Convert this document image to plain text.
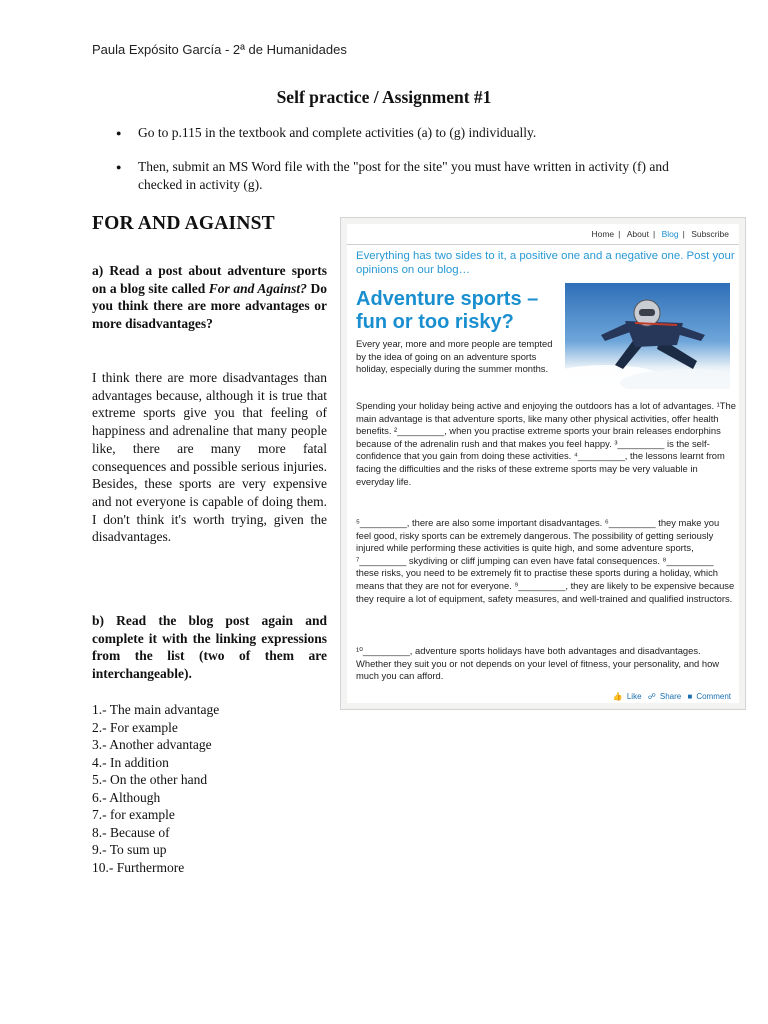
Paula Expósito García - 2ª de Humanidades
Self practice / Assignment #1
● Go to p.115 in the textbook and complete activities (a) to (g) individually.
● Then, submit an MS Word file with the "post for the site" you must have written in activity (f) and checked in activity (g).
FOR AND AGAINST
a) Read a post about adventure sports on a blog site called For and Against? Do you think there are more advantages or more disadvantages?
I think there are more disadvantages than advantages because, although it is true that extreme sports give you that feeling of happiness and adrenaline that many people like, there are many more fatal consequences and possible serious injuries. Besides, these sports are very expensive and not everyone is capable of doing them. I don't think it's worth trying, given the disadvantages.
b) Read the blog post again and complete it with the linking expressions from the list (two of them are interchangeable).
1.- The main advantage
2.- For example
3.- Another advantage
4.- In addition
5.- On the other hand
6.- Although
7.- for example
8.- Because of
9.- To sum up
10.- Furthermore
Home | About | Blog | Subscribe
Everything has two sides to it, a positive one and a negative one. Post your opinions on our blog…
Adventure sports – fun or too risky?
Every year, more and more people are tempted by the idea of going on an adventure sports holiday, especially during the summer months.
Spending your holiday being active and enjoying the outdoors has a lot of advantages. ¹The main advantage is that adventure sports, like many other physical activities, offer health benefits. ²_________, when you practise extreme sports your brain releases endorphins because of the adrenalin rush and that makes you feel happy. ³_________ is the self-confidence that you gain from doing these activities. ⁴_________, the lessons learnt from facing the difficulties and the risks of these extreme sports may be very valuable in everyday life.
⁵_________, there are also some important disadvantages. ⁶_________ they make you feel good, risky sports can be extremely dangerous. The possibility of getting seriously injured while performing these activities is quite high, and some adventure sports, ⁷_________ skydiving or cliff jumping can even have fatal consequences. ⁸_________ these risks, you need to be extremely fit to practise these sports during a holiday, which means that they are not for everyone. ⁹_________, they are likely to be expensive because they require a lot of equipment, safety measures, and well-trained and qualified instructors.
¹⁰_________, adventure sports holidays have both advantages and disadvantages. Whether they suit you or not depends on your level of fitness, your personality, and how much you can afford.
👍 Like ☍ Share ■ Comment
